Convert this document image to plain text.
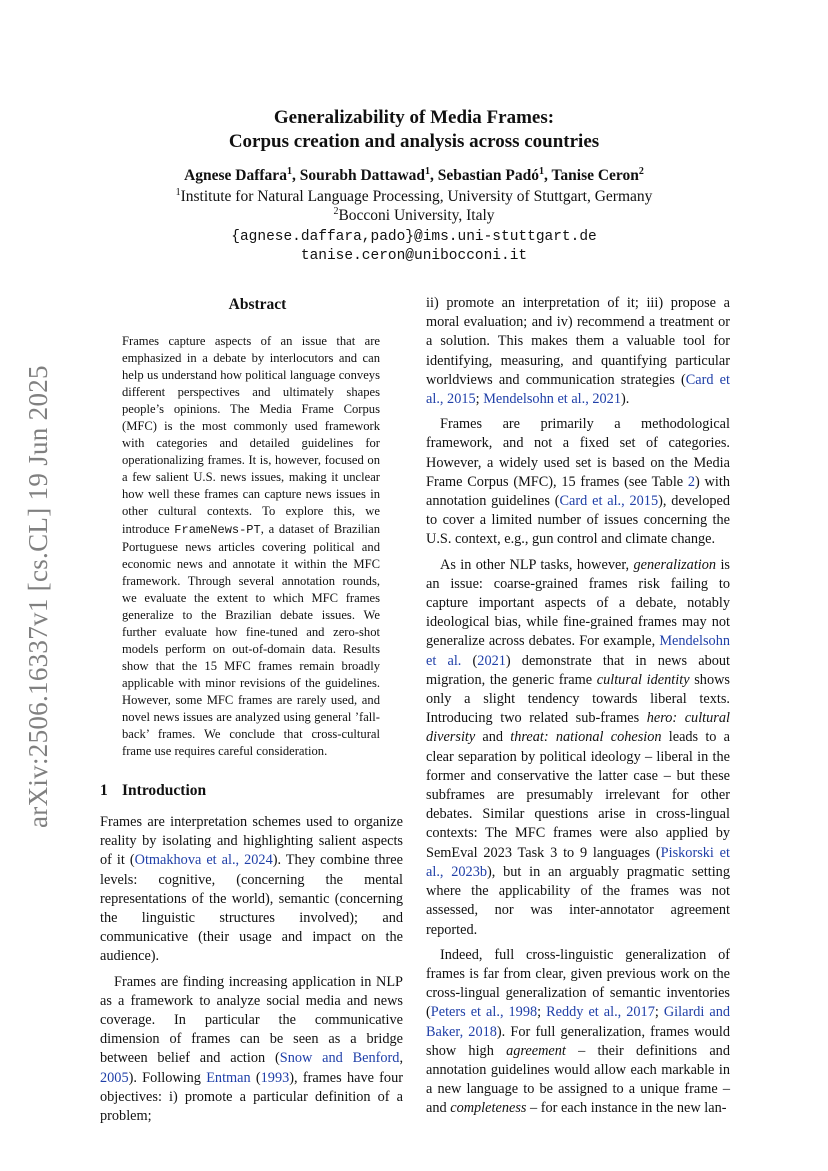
Generalizability of Media Frames:
Corpus creation and analysis across countries
Agnese Daffara$^1$, Sourabh Dattawad$^1$, Sebastian Padó$^1$, Tanise Ceron$^2$
$^1$Institute for Natural Language Processing, University of Stuttgart, Germany
$^2$Bocconi University, Italy
{agnese.daffara,pado}@ims.uni-stuttgart.de
tanise.ceron@unibocconi.it
arXiv:2506.16337v1 [cs.CL] 19 Jun 2025
Abstract
Frames capture aspects of an issue that are emphasized in a debate by interlocutors and can help us understand how political language conveys different perspectives and ultimately shapes people’s opinions. The Media Frame Corpus (MFC) is the most commonly used framework with categories and detailed guidelines for operationalizing frames. It is, however, focused on a few salient U.S. news issues, making it unclear how well these frames can capture news issues in other cultural contexts. To explore this, we introduce FrameNews-PT, a dataset of Brazilian Portuguese news articles covering political and economic news and annotate it within the MFC framework. Through several annotation rounds, we evaluate the extent to which MFC frames generalize to the Brazilian debate issues. We further evaluate how fine-tuned and zero-shot models perform on out-of-domain data. Results show that the 15 MFC frames remain broadly applicable with minor revisions of the guidelines. However, some MFC frames are rarely used, and novel news issues are analyzed using general ’fall-back’ frames. We conclude that cross-cultural frame use requires careful consideration.
1 Introduction

Frames are interpretation schemes used to organize reality by isolating and highlighting salient aspects of it (Otmakhova et al., 2024). They combine three levels: cognitive, (concerning the mental representations of the world), semantic (concerning the linguistic structures involved); and communicative (their usage and impact on the audience).

Frames are finding increasing application in NLP as a framework to analyze social media and news coverage. In particular the communicative dimension of frames can be seen as a bridge between belief and action (Snow and Benford, 2005). Following Entman (1993), frames have four objectives: i) promote a particular definition of a problem;

ii) promote an interpretation of it; iii) propose a moral evaluation; and iv) recommend a treatment or a solution. This makes them a valuable tool for identifying, measuring, and quantifying particular worldviews and communication strategies (Card et al., 2015; Mendelsohn et al., 2021).

Frames are primarily a methodological framework, and not a fixed set of categories. However, a widely used set is based on the Media Frame Corpus (MFC), 15 frames (see Table 2) with annotation guidelines (Card et al., 2015), developed to cover a limited number of issues concerning the U.S. context, e.g., gun control and climate change.

As in other NLP tasks, however, generalization is an issue: coarse-grained frames risk failing to capture important aspects of a debate, notably ideological bias, while fine-grained frames may not generalize across debates. For example, Mendelsohn et al. (2021) demonstrate that in news about migration, the generic frame cultural identity shows only a slight tendency towards liberal texts. Introducing two related sub-frames hero: cultural diversity and threat: national cohesion leads to a clear separation by political ideology – liberal in the former and conservative the latter case – but these subframes are presumably irrelevant for other debates. Similar questions arise in cross-lingual contexts: The MFC frames were also applied by SemEval 2023 Task 3 to 9 languages (Piskorski et al., 2023b), but in an arguably pragmatic setting where the applicability of the frames was not assessed, nor was inter-annotator agreement reported.

Indeed, full cross-linguistic generalization of frames is far from clear, given previous work on the cross-lingual generalization of semantic inventories (Peters et al., 1998; Reddy et al., 2017; Gilardi and Baker, 2018). For full generalization, frames would show high agreement – their definitions and annotation guidelines would allow each markable in a new language to be assigned to a unique frame – and completeness – for each instance in the new lan-
